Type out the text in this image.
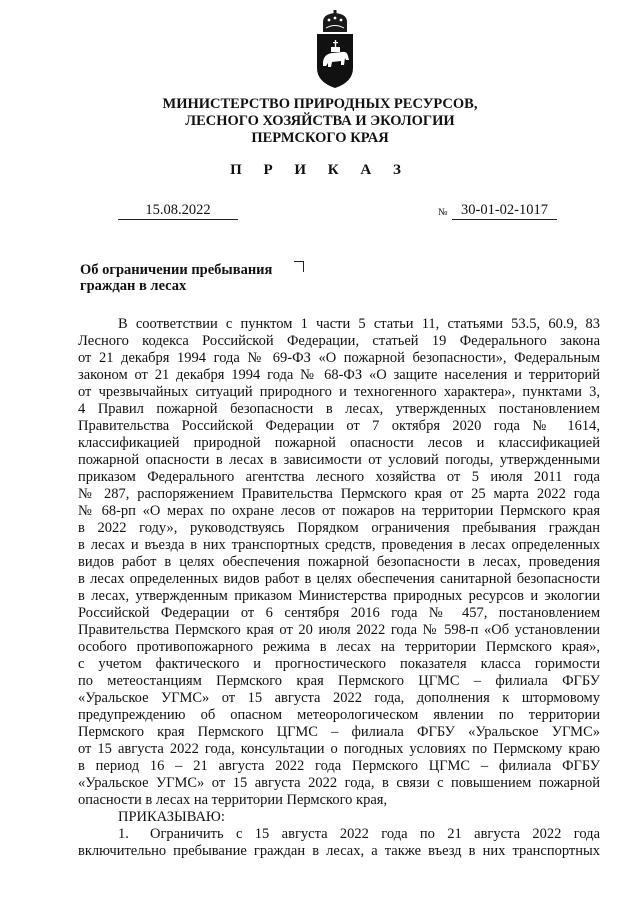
МИНИСТЕРСТВО ПРИРОДНЫХ РЕСУРСОВ,
ЛЕСНОГО ХОЗЯЙСТВА И ЭКОЛОГИИ
ПЕРМСКОГО КРАЯ
П Р И К А З
15.08.2022	№ 30-01-02-1017
Об ограничении пребывания
граждан в лесах
В соответствии с пунктом 1 части 5 статьи 11, статьями 53.5, 60.9, 83
Лесного кодекса Российской Федерации, статьей 19 Федерального закона
от 21 декабря 1994 года № 69-ФЗ «О пожарной безопасности», Федеральным
законом от 21 декабря 1994 года № 68-ФЗ «О защите населения и территорий
от чрезвычайных ситуаций природного и техногенного характера», пунктами 3,
4 Правил пожарной безопасности в лесах, утвержденных постановлением
Правительства Российской Федерации от 7 октября 2020 года № 1614,
классификацией природной пожарной опасности лесов и классификацией
пожарной опасности в лесах в зависимости от условий погоды, утвержденными
приказом Федерального агентства лесного хозяйства от 5 июля 2011 года
№ 287, распоряжением Правительства Пермского края от 25 марта 2022 года
№ 68-рп «О мерах по охране лесов от пожаров на территории Пермского края
в 2022 году», руководствуясь Порядком ограничения пребывания граждан
в лесах и въезда в них транспортных средств, проведения в лесах определенных
видов работ в целях обеспечения пожарной безопасности в лесах, проведения
в лесах определенных видов работ в целях обеспечения санитарной безопасности
в лесах, утвержденным приказом Министерства природных ресурсов и экологии
Российской Федерации от 6 сентября 2016 года № 457, постановлением
Правительства Пермского края от 20 июля 2022 года № 598-п «Об установлении
особого противопожарного режима в лесах на территории Пермского края»,
с учетом фактического и прогностического показателя класса горимости
по метеостанциям Пермского края Пермского ЦГМС – филиала ФГБУ
«Уральское УГМС» от 15 августа 2022 года, дополнения к штормовому
предупреждению об опасном метеорологическом явлении по территории
Пермского края Пермского ЦГМС – филиала ФГБУ «Уральское УГМС»
от 15 августа 2022 года, консультации о погодных условиях по Пермскому краю
в период 16 – 21 августа 2022 года Пермского ЦГМС – филиала ФГБУ
«Уральское УГМС» от 15 августа 2022 года, в связи с повышением пожарной
опасности в лесах на территории Пермского края,
ПРИКАЗЫВАЮ:
1.	Ограничить с 15 августа 2022 года по 21 августа 2022 года
включительно пребывание граждан в лесах, а также въезд в них транспортных
